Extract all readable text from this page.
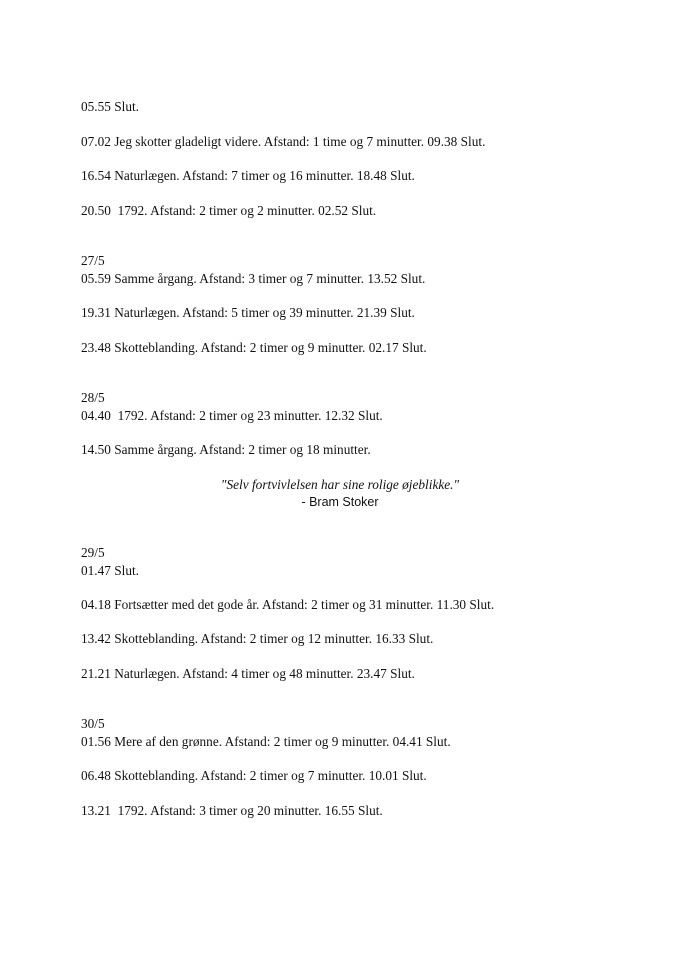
05.55 Slut.
07.02 Jeg skotter gladeligt videre. Afstand: 1 time og 7 minutter. 09.38 Slut.
16.54 Naturlægen. Afstand: 7 timer og 16 minutter. 18.48 Slut.
20.50  1792. Afstand: 2 timer og 2 minutter. 02.52 Slut.
27/5
05.59 Samme årgang. Afstand: 3 timer og 7 minutter. 13.52 Slut.
19.31 Naturlægen. Afstand: 5 timer og 39 minutter. 21.39 Slut.
23.48 Skotteblanding. Afstand: 2 timer og 9 minutter. 02.17 Slut.
28/5
04.40  1792. Afstand: 2 timer og 23 minutter. 12.32 Slut.
14.50 Samme årgang. Afstand: 2 timer og 18 minutter.
"Selv fortvivlelsen har sine rolige øjeblikke."
- Bram Stoker
29/5
01.47 Slut.
04.18 Fortsætter med det gode år. Afstand: 2 timer og 31 minutter. 11.30 Slut.
13.42 Skotteblanding. Afstand: 2 timer og 12 minutter. 16.33 Slut.
21.21 Naturlægen. Afstand: 4 timer og 48 minutter. 23.47 Slut.
30/5
01.56 Mere af den grønne. Afstand: 2 timer og 9 minutter. 04.41 Slut.
06.48 Skotteblanding. Afstand: 2 timer og 7 minutter. 10.01 Slut.
13.21  1792. Afstand: 3 timer og 20 minutter. 16.55 Slut.
